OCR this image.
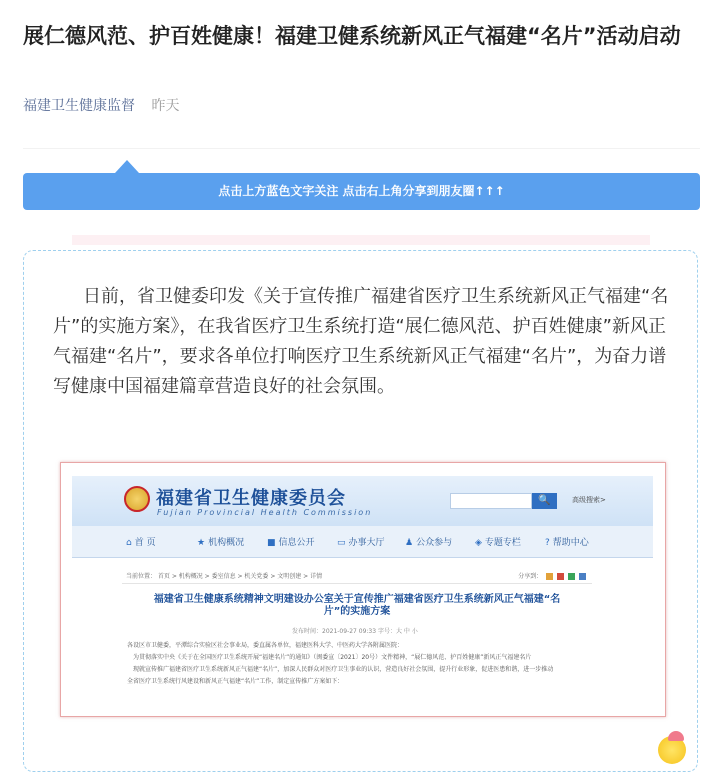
展仁德风范、护百姓健康！福建卫健系统新风正气福建“名片”活动启动
福建卫生健康监督 昨天
点击上方蓝色文字关注 点击右上角分享到朋友圈↑↑↑

日前，省卫健委印发《关于宣传推广福建省医疗卫生系统新风正气福建“名片”的实施方案》，在我省医疗卫生系统打造“展仁德风范、护百姓健康”新风正气福建“名片”，要求各单位打响医疗卫生系统新风正气福建“名片”，为奋力谱写健康中国福建篇章营造良好的社会氛围。

福建省卫生健康委员会
Fujian Provincial Health Commission
🔍	高级搜索>
⌂ 首 页	★ 机构概况	■ 信息公开 ▭ 办事大厅 ♟ 公众参与	◈ 专题专栏	? 帮助中心
当前位置： 首页 > 机构概况 > 委室信息 > 机关党委 > 文明创建 > 详情	分享到：

福建省卫生健康系统精神文明建设办公室关于宣传推广福建省医疗卫生系统新风正气福建“名片”的实施方案

发布时间：2021-09-27 09:33 字号：大 中 小
各设区市卫健委，平潭综合实验区社会事业局，委直属各单位，福建医科大学、中医药大学各附属医院：
　为贯彻落实中央《关于在全国医疗卫生系统开展“福建名片”的通知》（闽委宣〔2021〕20号）文件精神，“展仁德风范、护百姓健康”新风正气福建名片
　现就宣传推广福建省医疗卫生系统新风正气福建“名片”，加深人民群众对医疗卫生事业的认识，营造良好社会氛围，提升行业形象，促进医患和谐，进一步推动
全省医疗卫生系统行风建设和新风正气福建“名片”工作，制定宣传推广方案如下：
